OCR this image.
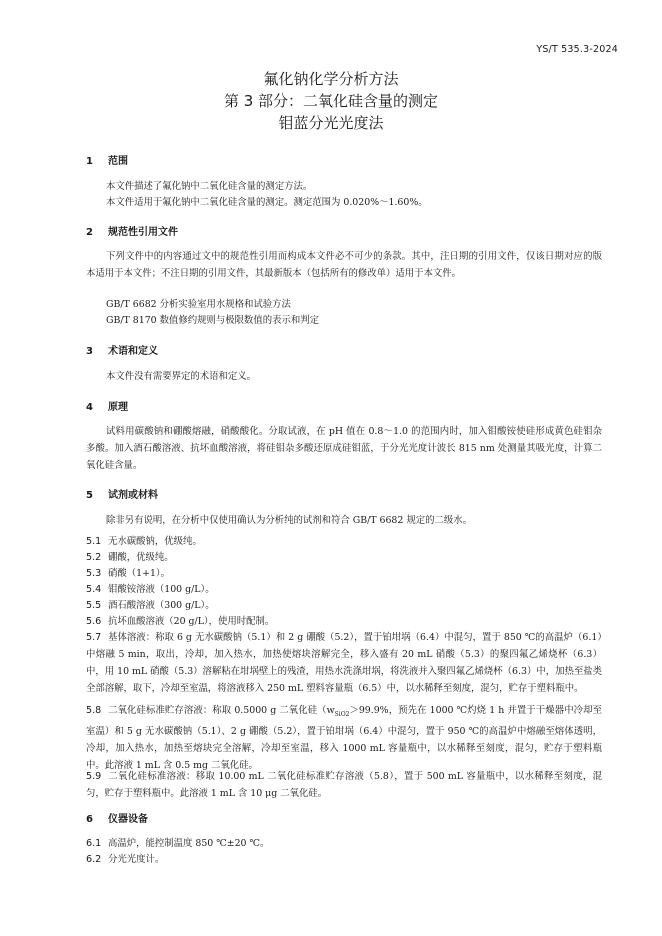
YS/T 535.3-2024
氟化钠化学分析方法
第 3 部分：二氧化硅含量的测定
钼蓝分光光度法
1 范围
本文件描述了氟化钠中二氧化硅含量的测定方法。
本文件适用于氟化钠中二氧化硅含量的测定。测定范围为 0.020%～1.60%。
2 规范性引用文件
下列文件中的内容通过文中的规范性引用而构成本文件必不可少的条款。其中，注日期的引用文件，仅该日期对应的版本适用于本文件；不注日期的引用文件，其最新版本（包括所有的修改单）适用于本文件。
GB/T 6682 分析实验室用水规格和试验方法
GB/T 8170 数值修约规则与极限数值的表示和判定
3 术语和定义
本文件没有需要界定的术语和定义。
4 原理
试料用碳酸钠和硼酸熔融，硝酸酸化。分取试液，在 pH 值在 0.8～1.0 的范围内时，加入钼酸铵使硅形成黄色硅钼杂多酸。加入酒石酸溶液、抗坏血酸溶液，将硅钼杂多酸还原成硅钼蓝，于分光光度计波长 815 nm 处测量其吸光度，计算二氧化硅含量。
5 试剂或材料
除非另有说明，在分析中仅使用确认为分析纯的试剂和符合 GB/T 6682 规定的二级水。
5.1 无水碳酸钠，优级纯。
5.2 硼酸，优级纯。
5.3 硝酸（1+1）。
5.4 钼酸铵溶液（100 g/L）。
5.5 酒石酸溶液（300 g/L）。
5.6 抗坏血酸溶液（20 g/L），使用时配制。
5.7 基体溶液：称取 6 g 无水碳酸钠（5.1）和 2 g 硼酸（5.2），置于铂坩埚（6.4）中混匀，置于 850 ℃的高温炉（6.1）中熔融 5 min，取出，冷却，加入热水，加热使熔块溶解完全，移入盛有 20 mL 硝酸（5.3）的聚四氟乙烯烧杯（6.3）中，用 10 mL 硝酸（5.3）溶解粘在坩埚壁上的残渣，用热水洗涤坩埚，将洗液并入聚四氟乙烯烧杯（6.3）中，加热至盐类全部溶解，取下，冷却至室温，将溶液移入 250 mL 塑料容量瓶（6.5）中，以水稀释至刻度，混匀，贮存于塑料瓶中。
5.8 二氧化硅标准贮存溶液：称取 0.5000 g 二氧化硅（$w_{SiO2}>99.9\%$，预先在 1000 ℃灼烧 1 h 并置于干燥器中冷却至室温）和 5 g 无水碳酸钠（5.1）、2 g 硼酸（5.2），置于铂坩埚（6.4）中混匀，置于 950 ℃的高温炉中熔融至熔体透明，冷却，加入热水，加热至熔块完全溶解，冷却至室温，移入 1000 mL 容量瓶中，以水稀释至刻度，混匀，贮存于塑料瓶中。此溶液 1 mL 含 0.5 mg 二氧化硅。
5.9 二氧化硅标准溶液：移取 10.00 mL 二氧化硅标准贮存溶液（5.8），置于 500 mL 容量瓶中，以水稀释至刻度，混匀，贮存于塑料瓶中。此溶液 1 mL 含 10 μg 二氧化硅。
6 仪器设备
6.1 高温炉，能控制温度 850 ℃±20 ℃。
6.2 分光光度计。
